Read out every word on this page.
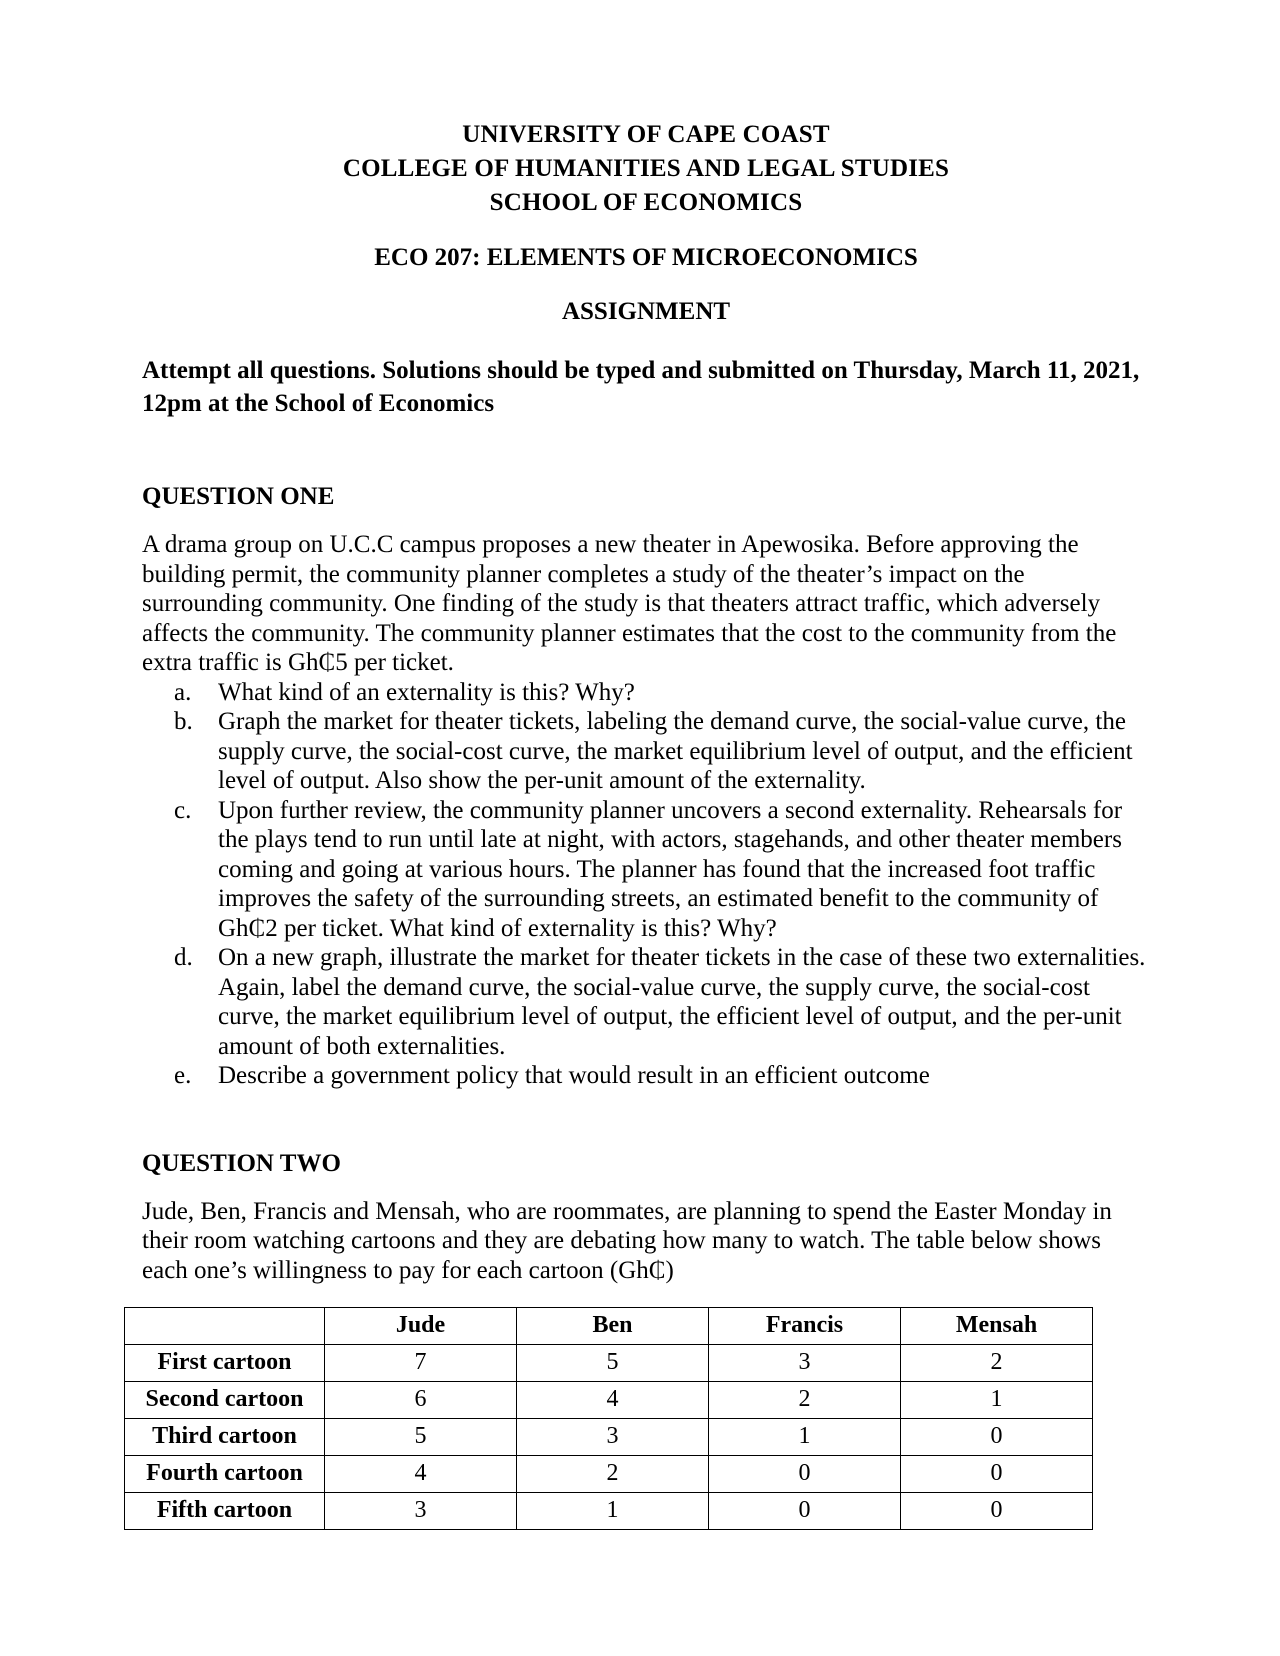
UNIVERSITY OF CAPE COAST
COLLEGE OF HUMANITIES AND LEGAL STUDIES
SCHOOL OF ECONOMICS
ECO 207: ELEMENTS OF MICROECONOMICS
ASSIGNMENT
Attempt all questions. Solutions should be typed and submitted on Thursday, March 11, 2021, 12pm at the School of Economics
QUESTION ONE
A drama group on U.C.C campus proposes a new theater in Apewosika. Before approving the building permit, the community planner completes a study of the theater’s impact on the surrounding community. One finding of the study is that theaters attract traffic, which adversely affects the community. The community planner estimates that the cost to the community from the extra traffic is Gh₵5 per ticket.
a.	What kind of an externality is this? Why?
b.	Graph the market for theater tickets, labeling the demand curve, the social-value curve, the supply curve, the social-cost curve, the market equilibrium level of output, and the efficient level of output. Also show the per-unit amount of the externality.
c.	Upon further review, the community planner uncovers a second externality. Rehearsals for the plays tend to run until late at night, with actors, stagehands, and other theater members coming and going at various hours. The planner has found that the increased foot traffic improves the safety of the surrounding streets, an estimated benefit to the community of Gh₵2 per ticket. What kind of externality is this? Why?
d.	On a new graph, illustrate the market for theater tickets in the case of these two externalities. Again, label the demand curve, the social-value curve, the supply curve, the social-cost curve, the market equilibrium level of output, the efficient level of output, and the per-unit amount of both externalities.
e.	Describe a government policy that would result in an efficient outcome
QUESTION TWO
Jude, Ben, Francis and Mensah, who are roommates, are planning to spend the Easter Monday in their room watching cartoons and they are debating how many to watch. The table below shows each one’s willingness to pay for each cartoon (Gh₵)
	Jude	Ben	Francis	Mensah
First cartoon	7	5	3	2
Second cartoon	6	4	2	1
Third cartoon	5	3	1	0
Fourth cartoon	4	2	0	0
Fifth cartoon	3	1	0	0
